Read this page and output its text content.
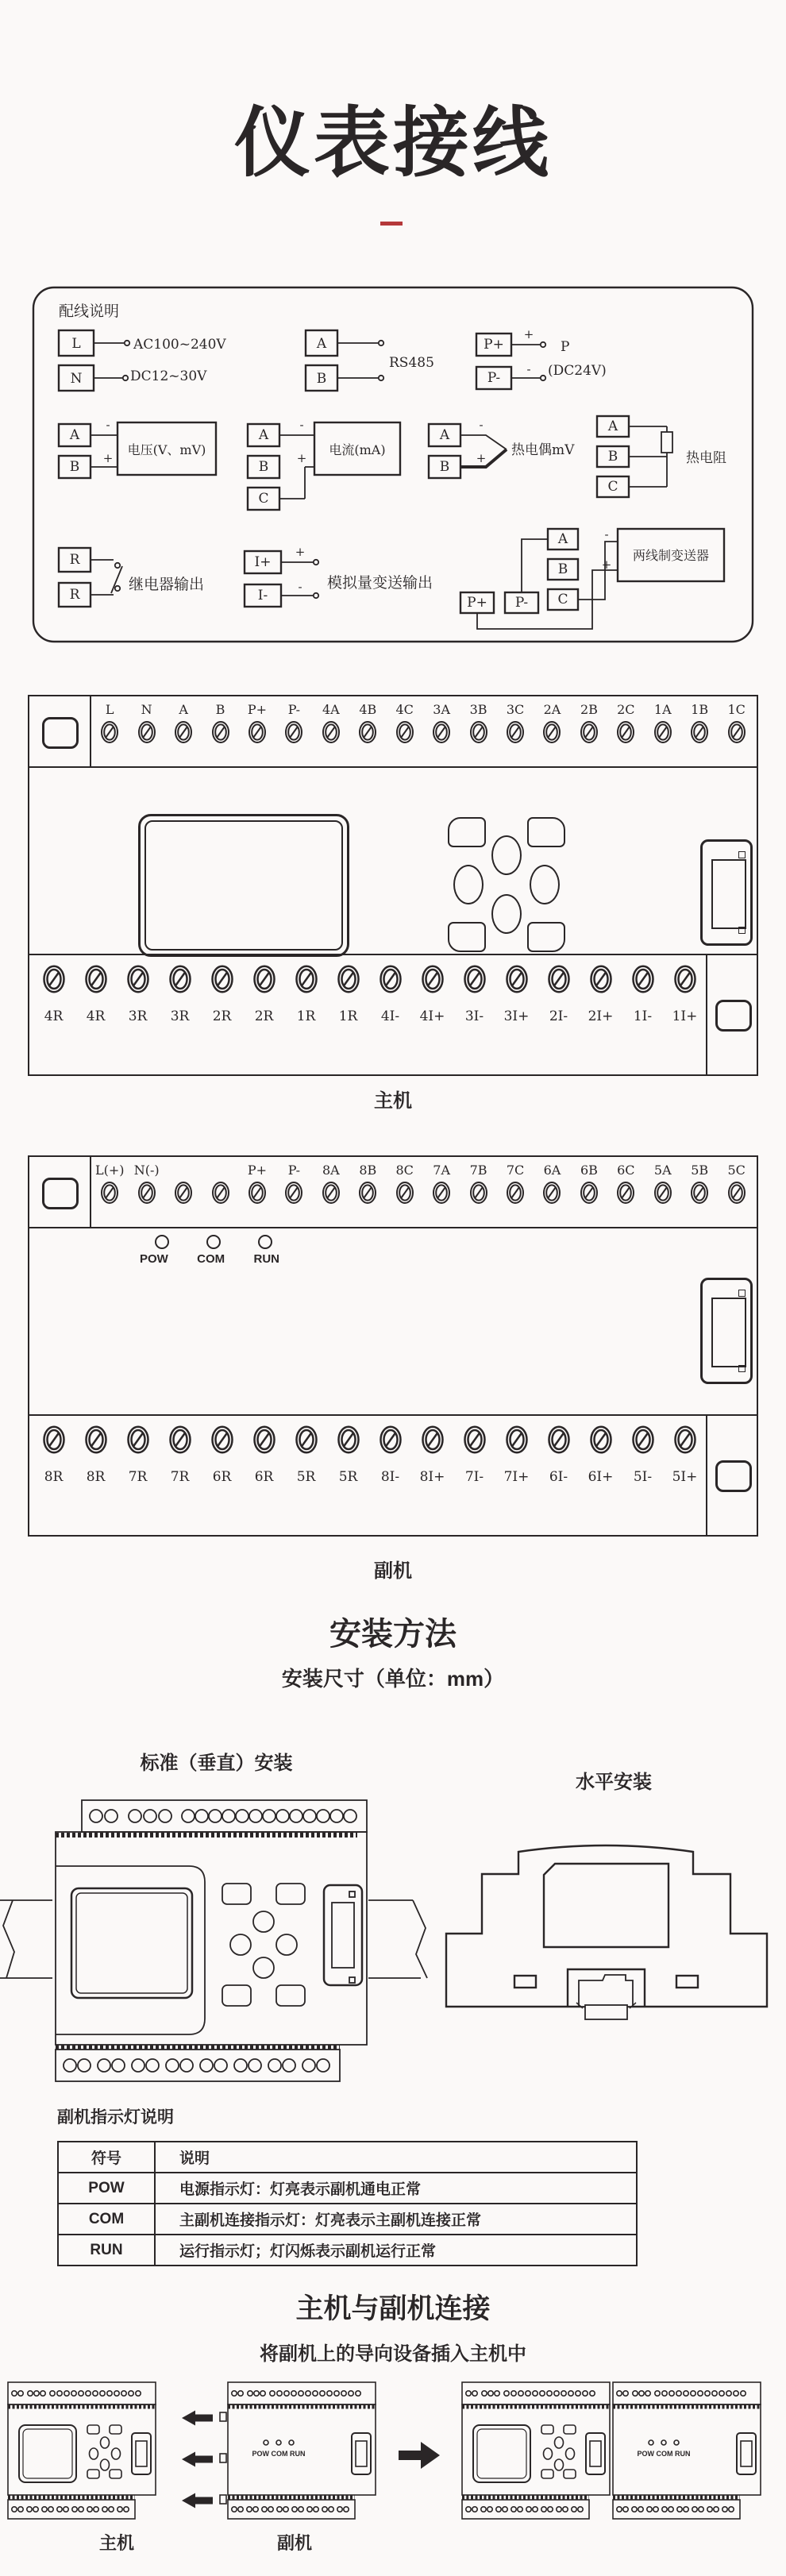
仪表接线
配线说明
L
N
AC100~240V
DC12~30V
A
B
RS485
P+
P-
+
-
P
(DC24V)
A
B
-
+
电压(V、mV)
A
B
C
-
+
电流(mA)
A
B
-
+ 热电偶mV
A
B
C
热电阻
R
R
继电器输出
I+
I-
+
- 模拟量变送输出
P+ P-
A
B
C
-
+
两线制变送器
L N A B P+ P- 4A 4B 4C 3A 3B 3C 2A 2B 2C 1A 1B 1C
4R 4R 3R 3R 2R 2R 1R 1R 4I- 4I+ 3I- 3I+ 2I- 2I+ 1I- 1I+
主机
L(+) N(-)	P+ P- 8A 8B 8C 7A 7B 7C 6A 6B 6C 5A 5B 5C
POW COM RUN
8R 8R 7R 7R 6R 6R 5R 5R 8I- 8I+ 7I- 7I+ 6I- 6I+ 5I- 5I+
副机
安装方法
安装尺寸（单位：mm）
标准（垂直）安装
水平安装
副机指示灯说明
符号	说明
POW	电源指示灯：灯亮表示副机通电正常
COM	主副机连接指示灯：灯亮表示主副机连接正常
RUN	运行指示灯；灯闪烁表示副机运行正常
主机与副机连接
将副机上的导向设备插入主机中
POW COM RUN
主机	副机
